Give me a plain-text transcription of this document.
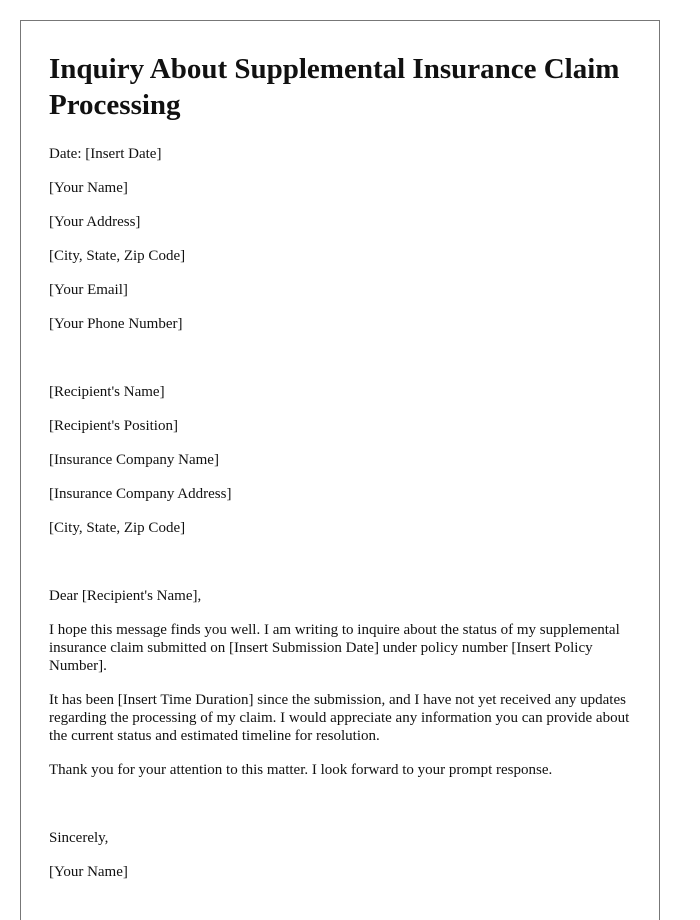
Inquiry About Supplemental Insurance Claim Processing

Date: [Insert Date]

[Your Name]

[Your Address]

[City, State, Zip Code]

[Your Email]

[Your Phone Number]

[Recipient's Name]

[Recipient's Position]

[Insurance Company Name]

[Insurance Company Address]

[City, State, Zip Code]

Dear [Recipient's Name],

I hope this message finds you well. I am writing to inquire about the status of my supplemental insurance claim submitted on [Insert Submission Date] under policy number [Insert Policy Number].

It has been [Insert Time Duration] since the submission, and I have not yet received any updates regarding the processing of my claim. I would appreciate any information you can provide about the current status and estimated timeline for resolution.

Thank you for your attention to this matter. I look forward to your prompt response.

Sincerely,

[Your Name]
